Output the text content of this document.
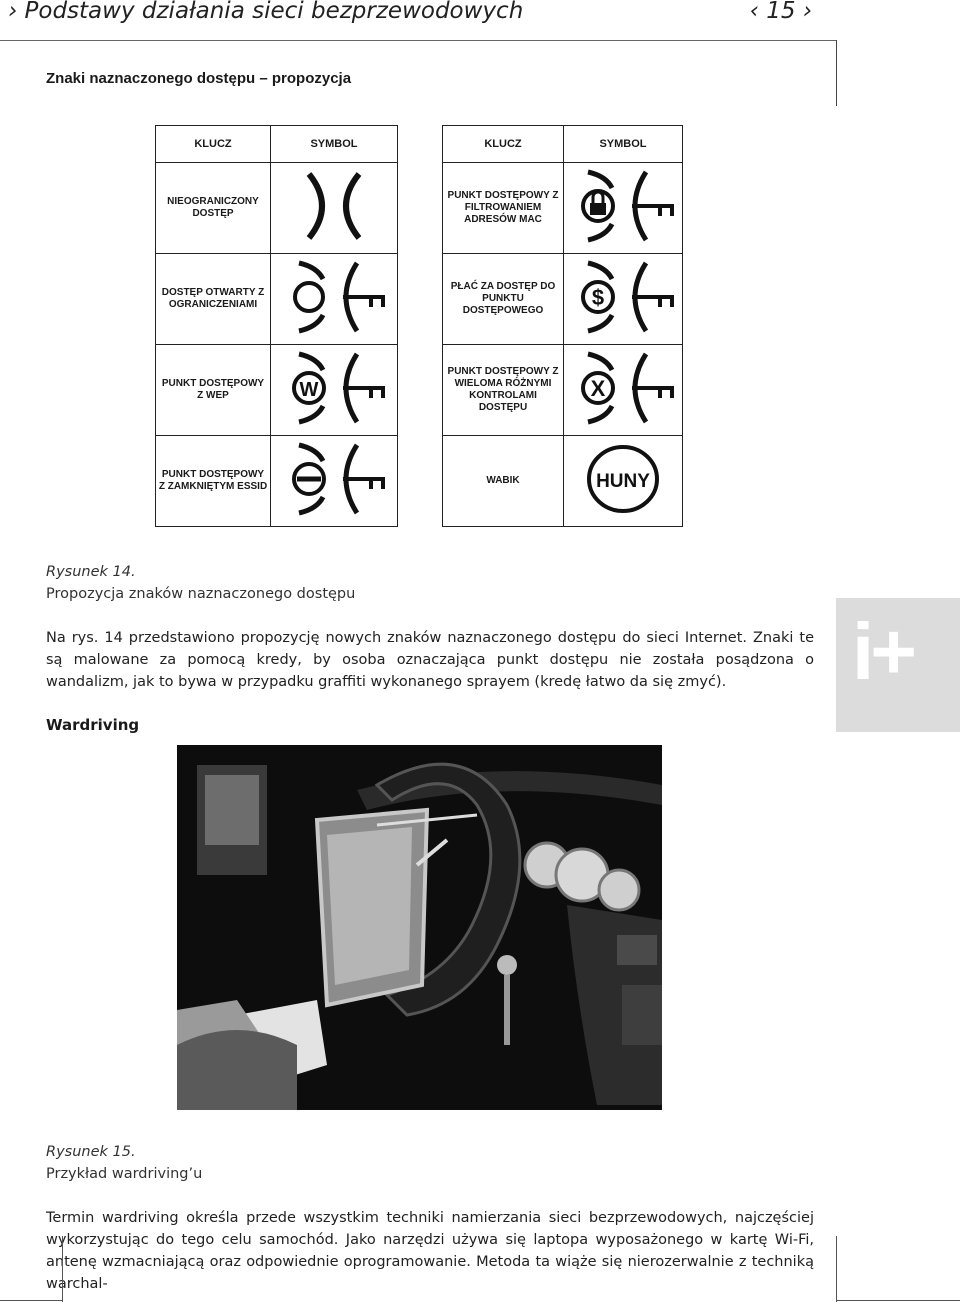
› Podstawy działania sieci bezprzewodowych	‹ 15 ›
Znaki naznaczonego dostępu – propozycja
KLUCZ	SYMBOL
NIEOGRANICZONY DOSTĘP	
DOSTĘP OTWARTY Z OGRANICZENIAMI	
PUNKT DOSTĘPOWY Z WEP	W

PUNKT DOSTĘPOWY Z ZAMKNIĘTYM ESSID	
KLUCZ	SYMBOL
PUNKT DOSTĘPOWY Z FILTROWANIEM ADRESÓW MAC	
PŁAĆ ZA DOSTĘP DO PUNKTU DOSTĘPOWEGO	$

PUNKT DOSTĘPOWY Z WIELOMA RÓŻNYMI KONTROLAMI DOSTĘPU	X

WABIK	HUNY
Rysunek 14.
Propozycja znaków naznaczonego dostępu
Na rys. 14 przedstawiono propozycję nowych znaków naznaczonego dostępu do sieci Internet. Znaki te są malowane za pomocą kredy, by osoba oznaczająca punkt dostępu nie została posądzona o wandalizm, jak to bywa w przypadku graffiti wykonanego sprayem (kredę łatwo da się zmyć).	i+
Wardriving
Rysunek 15.
Przykład wardriving’u
Termin wardriving określa przede wszystkim techniki namierzania sieci bezprzewodowych, najczęściej wykorzystując do tego celu samochód. Jako narzędzi używa się laptopa wyposażonego w kartę Wi-Fi, antenę wzmacniającą oraz odpowiednie oprogramowanie. Metoda ta wiąże się nierozerwalnie z techniką warchal-
